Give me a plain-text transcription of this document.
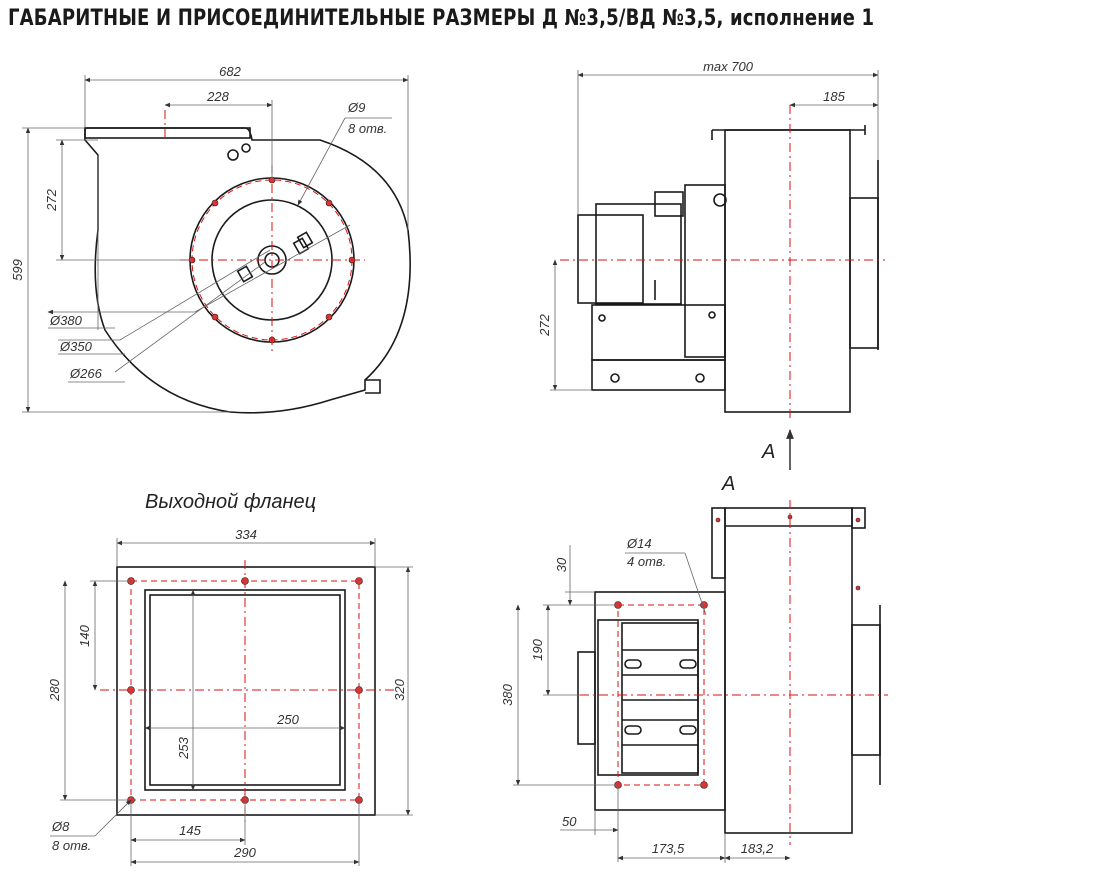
ГАБАРИТНЫЕ И ПРИСОЕДИНИТЕЛЬНЫЕ РАЗМЕРЫ Д №3,5/ВД №3,5, исполнение 1
682
228
272
599
Ø9
8 отв.
Ø380
Ø350
Ø266
max 700
185
272
A
Выходной фланец
334
140
280	320
250
253
145
290
Ø8
8 отв.
A
Ø14
4 отв.
30
190
380
50
173,5	183,2
